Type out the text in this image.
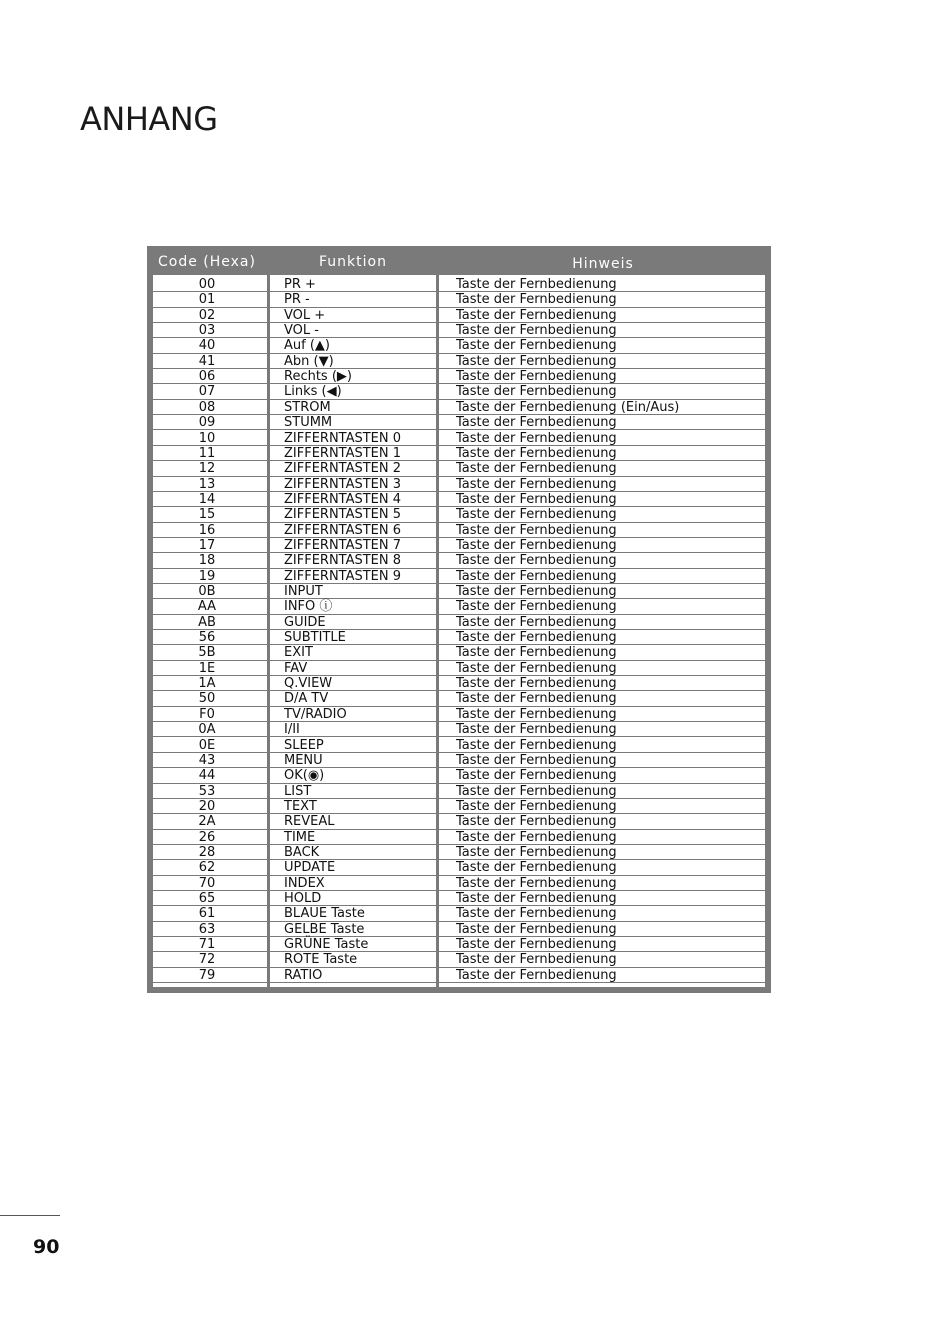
ANHANG
Code (Hexa)	Funktion	Hinweis
00	PR +	Taste der Fernbedienung
01	PR -	Taste der Fernbedienung
02	VOL +	Taste der Fernbedienung
03	VOL -	Taste der Fernbedienung
40	Auf (▲)	Taste der Fernbedienung
41	Abn (▼)	Taste der Fernbedienung
06	Rechts (▶)	Taste der Fernbedienung
07	Links (◀)	Taste der Fernbedienung
08	STROM	Taste der Fernbedienung (Ein/Aus)
09	STUMM	Taste der Fernbedienung
10	ZIFFERNTASTEN 0	Taste der Fernbedienung
11	ZIFFERNTASTEN 1	Taste der Fernbedienung
12	ZIFFERNTASTEN 2	Taste der Fernbedienung
13	ZIFFERNTASTEN 3	Taste der Fernbedienung
14	ZIFFERNTASTEN 4	Taste der Fernbedienung
15	ZIFFERNTASTEN 5	Taste der Fernbedienung
16	ZIFFERNTASTEN 6	Taste der Fernbedienung
17	ZIFFERNTASTEN 7	Taste der Fernbedienung
18	ZIFFERNTASTEN 8	Taste der Fernbedienung
19	ZIFFERNTASTEN 9	Taste der Fernbedienung
0B	INPUT	Taste der Fernbedienung
AA	INFO ⓘ	Taste der Fernbedienung
AB	GUIDE	Taste der Fernbedienung
56	SUBTITLE	Taste der Fernbedienung
5B	EXIT	Taste der Fernbedienung
1E	FAV	Taste der Fernbedienung
1A	Q.VIEW	Taste der Fernbedienung
50	D/A TV	Taste der Fernbedienung
F0	TV/RADIO	Taste der Fernbedienung
0A	I/II	Taste der Fernbedienung
0E	SLEEP	Taste der Fernbedienung
43	MENU	Taste der Fernbedienung
44	OK(◉)	Taste der Fernbedienung
53	LIST	Taste der Fernbedienung
20	TEXT	Taste der Fernbedienung
2A	REVEAL	Taste der Fernbedienung
26	TIME	Taste der Fernbedienung
28	BACK	Taste der Fernbedienung
62	UPDATE	Taste der Fernbedienung
70	INDEX	Taste der Fernbedienung
65	HOLD	Taste der Fernbedienung
61	BLAUE Taste	Taste der Fernbedienung
63	GELBE Taste	Taste der Fernbedienung
71	GRÜNE Taste	Taste der Fernbedienung
72	ROTE Taste	Taste der Fernbedienung
79	RATIO	Taste der Fernbedienung
90
